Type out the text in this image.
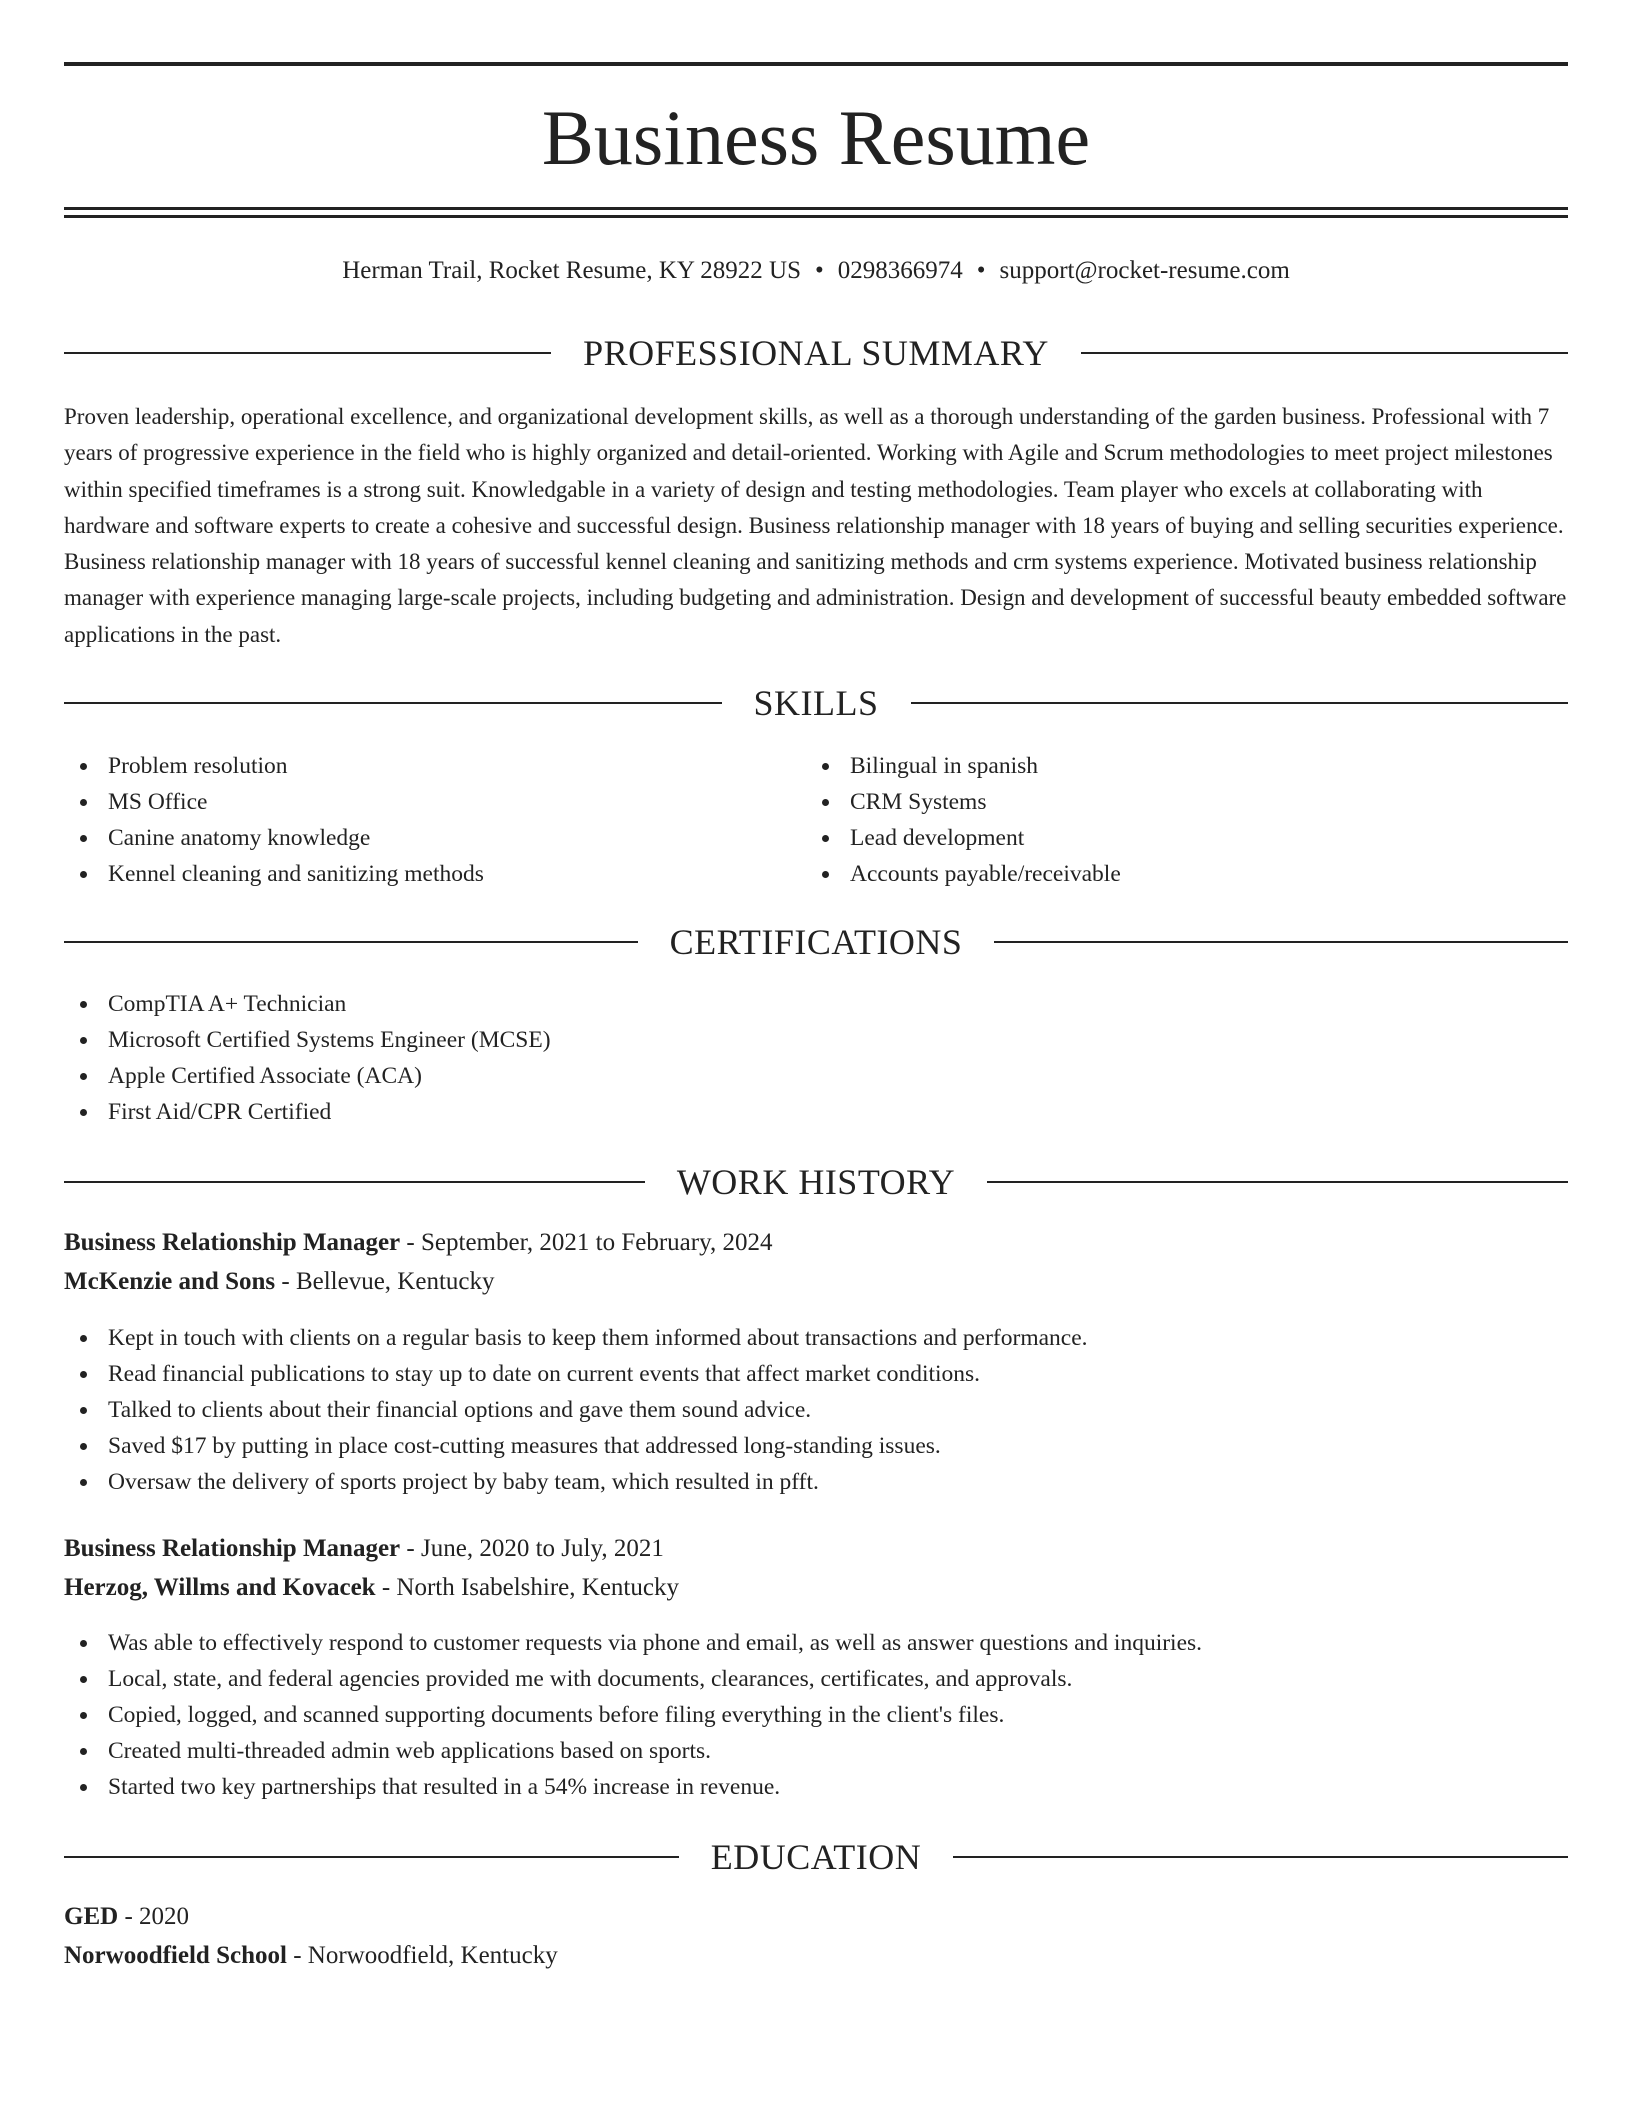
Business Resume
Herman Trail, Rocket Resume, KY 28922 US • 0298366974 • support@rocket-resume.com
PROFESSIONAL SUMMARY
Proven leadership, operational excellence, and organizational development skills, as well as a thorough understanding of the garden business. Professional with 7 years of progressive experience in the field who is highly organized and detail-oriented. Working with Agile and Scrum methodologies to meet project milestones within specified timeframes is a strong suit. Knowledgable in a variety of design and testing methodologies. Team player who excels at collaborating with hardware and software experts to create a cohesive and successful design. Business relationship manager with 18 years of buying and selling securities experience. Business relationship manager with 18 years of successful kennel cleaning and sanitizing methods and crm systems experience. Motivated business relationship manager with experience managing large-scale projects, including budgeting and administration. Design and development of successful beauty embedded software applications in the past.
SKILLS
Problem resolution
MS Office
Canine anatomy knowledge
Kennel cleaning and sanitizing methods
Bilingual in spanish
CRM Systems
Lead development
Accounts payable/receivable
CERTIFICATIONS
CompTIA A+ Technician
Microsoft Certified Systems Engineer (MCSE)
Apple Certified Associate (ACA)
First Aid/CPR Certified
WORK HISTORY
Business Relationship Manager - September, 2021 to February, 2024
McKenzie and Sons - Bellevue, Kentucky
Kept in touch with clients on a regular basis to keep them informed about transactions and performance.
Read financial publications to stay up to date on current events that affect market conditions.
Talked to clients about their financial options and gave them sound advice.
Saved $17 by putting in place cost-cutting measures that addressed long-standing issues.
Oversaw the delivery of sports project by baby team, which resulted in pfft.
Business Relationship Manager - June, 2020 to July, 2021
Herzog, Willms and Kovacek - North Isabelshire, Kentucky
Was able to effectively respond to customer requests via phone and email, as well as answer questions and inquiries.
Local, state, and federal agencies provided me with documents, clearances, certificates, and approvals.
Copied, logged, and scanned supporting documents before filing everything in the client's files.
Created multi-threaded admin web applications based on sports.
Started two key partnerships that resulted in a 54% increase in revenue.
EDUCATION
GED - 2020
Norwoodfield School - Norwoodfield, Kentucky
